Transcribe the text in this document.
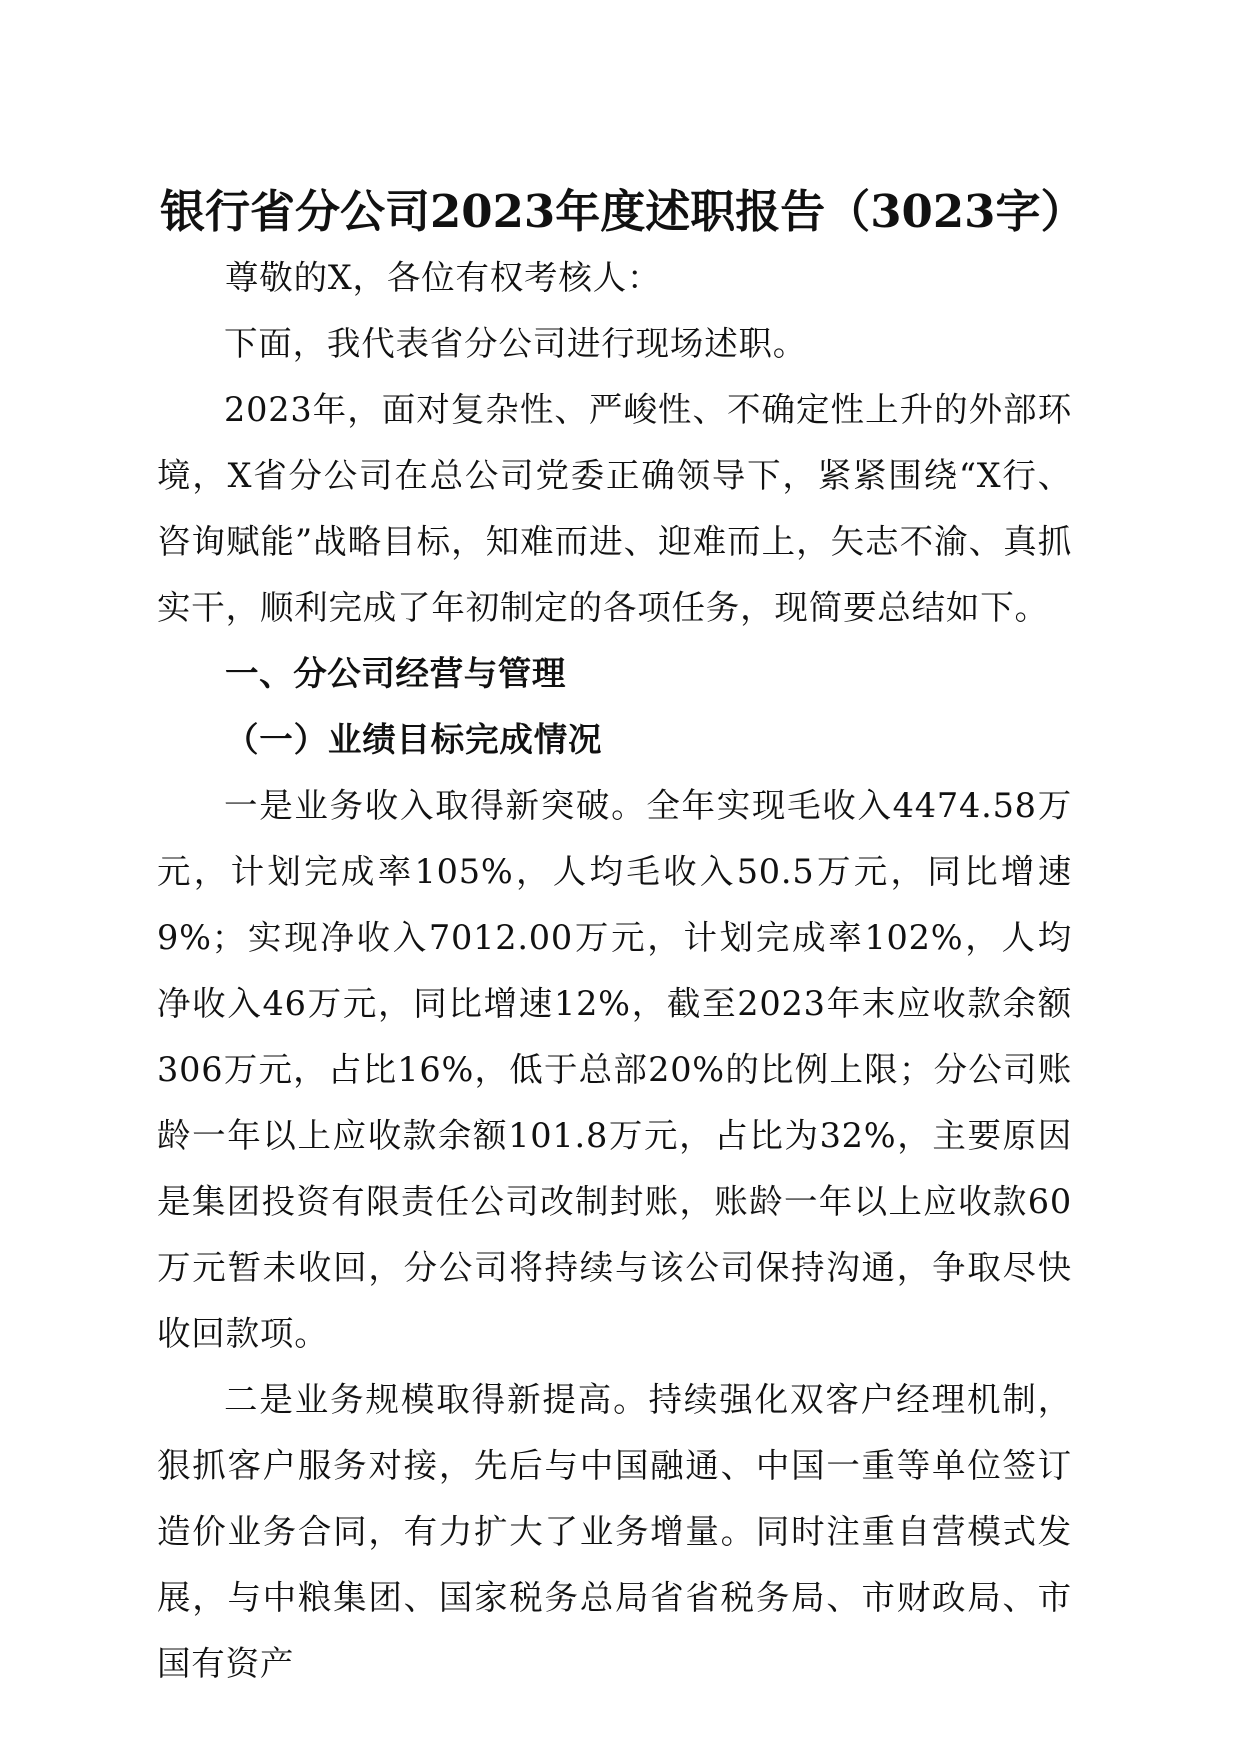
银行省分公司2023年度述职报告（3023字）

尊敬的X，各位有权考核人：

下面，我代表省分公司进行现场述职。

2023年，面对复杂性、严峻性、不确定性上升的外部环境，X省分公司在总公司党委正确领导下，紧紧围绕“X行、咨询赋能”战略目标，知难而进、迎难而上，矢志不渝、真抓实干，顺利完成了年初制定的各项任务，现简要总结如下。

一、分公司经营与管理
（一）业绩目标完成情况

一是业务收入取得新突破。全年实现毛收入4474.58万元，计划完成率105%，人均毛收入50.5万元，同比增速9%；实现净收入7012.00万元，计划完成率102%，人均净收入46万元，同比增速12%，截至2023年末应收款余额306万元，占比16%，低于总部20%的比例上限；分公司账龄一年以上应收款余额101.8万元，占比为32%，主要原因是集团投资有限责任公司改制封账，账龄一年以上应收款60万元暂未收回，分公司将持续与该公司保持沟通，争取尽快收回款项。

二是业务规模取得新提高。持续强化双客户经理机制，狠抓客户服务对接，先后与中国融通、中国一重等单位签订造价业务合同，有力扩大了业务增量。同时注重自营模式发展，与中粮集团、国家税务总局省省税务局、市财政局、市国有资产
